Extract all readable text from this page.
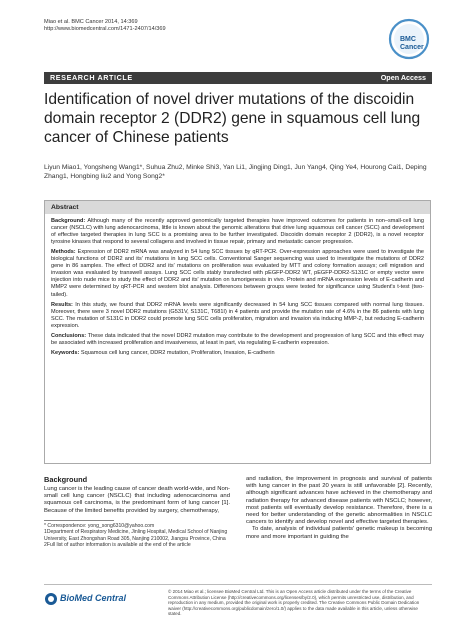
Miao et al. BMC Cancer 2014, 14:369
http://www.biomedcentral.com/1471-2407/14/369
BMC
Cancer
RESEARCH ARTICLE	Open Access
Identification of novel driver mutations of the discoidin domain receptor 2 (DDR2) gene in squamous cell lung cancer of Chinese patients
Liyun Miao1, Yongsheng Wang1*, Suhua Zhu2, Minke Shi3, Yan Li1, Jingjing Ding1, Jun Yang4, Qing Ye4, Hourong Cai1, Deping Zhang1, Hongbing liu2 and Yong Song2*
Abstract

Background: Although many of the recently approved genomically targeted therapies have improved outcomes for patients in non–small-cell lung cancer (NSCLC) with lung adenocarcinoma, little is known about the genomic alterations that drive lung squamous cell cancer (SCC) and development of effective targeted therapies in lung SCC is a promising area to be further investigated. Discoidin domain receptor 2 (DDR2), is a novel receptor tyrosine kinases that respond to several collagens and involved in tissue repair, primary and metastatic cancer progression.

Methods: Expression of DDR2 mRNA was analyzed in 54 lung SCC tissues by qRT-PCR. Over-expression approaches were used to investigate the biological functions of DDR2 and its' mutations in lung SCC cells. Conventional Sanger sequencing was used to investigate the mutations of DDR2 gene in 86 samples. The effect of DDR2 and its' mutations on proliferation was evaluated by MTT and colony formation assays; cell migration and invasion was evaluated by transwell assays. Lung SCC cells stably transfected with pEGFP-DDR2 WT, pEGFP-DDR2-S131C or empty vector were injection into nude mice to study the effect of DDR2 and its' mutation on tumorigenesis in vivo. Protein and mRNA expression levels of E-cadherin and MMP2 were determined by qRT-PCR and western blot analysis. Differences between groups were tested for significance using Student's t-test (two-tailed).

Results: In this study, we found that DDR2 mRNA levels were significantly decreased in 54 lung SCC tissues compared with normal lung tissues. Moreover, there were 3 novel DDR2 mutations (G531V, S131C, T681I) in 4 patients and provide the mutation rate of 4.6% in the 86 patients with lung SCC. The mutation of S131C in DDR2 could promote lung SCC cells proliferation, migration and invasion via inducing MMP-2, but reducing E-cadherin expression.

Conclusions: These data indicated that the novel DDR2 mutation may contribute to the development and progression of lung SCC and this effect may be associated with increased proliferation and invasiveness, at least in part, via regulating E-cadherin expression.

Keywords: Squamous cell lung cancer, DDR2 mutation, Proliferation, Invasion, E-cadherin

Background

Lung cancer is the leading cause of cancer death world-wide, and Non-small cell lung cancer (NSCLC) that including adenocarcinoma and squamous cell carcinoma, is the predominant form of lung cancer [1]. Because of the limited benefits provided by surgery, chemotherapy,

and radiation, the improvement in prognosis and survival of patients with lung cancer in the past 20 years is still unfavorable [2]. Recently, although significant advances have achieved in the chemotherapy and radiation therapy for advanced disease patients with NSCLC; however, most patients will eventually develop resistance. Therefore, there is a need for better understanding of the genetic abnormalities in NSCLC cancers to identify and develop novel and effective targeted therapies.

To date, analysis of individual patients' genetic makeup is becoming more and more important in guiding the

* Correspondence: yong_song6310@yahoo.com
1Department of Respiratory Medicine, Jinling Hospital, Medical School of Nanjing University, East Zhongshan Road 305, Nanjing 210002, Jiangsu Province, China
2Full list of author information is available at the end of the article
BioMed Central
© 2014 Miao et al.; licensee BioMed Central Ltd. This is an Open Access article distributed under the terms of the Creative Commons Attribution License (http://creativecommons.org/licenses/by/2.0), which permits unrestricted use, distribution, and reproduction in any medium, provided the original work is properly credited. The Creative Commons Public Domain Dedication waiver (http://creativecommons.org/publicdomain/zero/1.0/) applies to the data made available in this article, unless otherwise stated.
